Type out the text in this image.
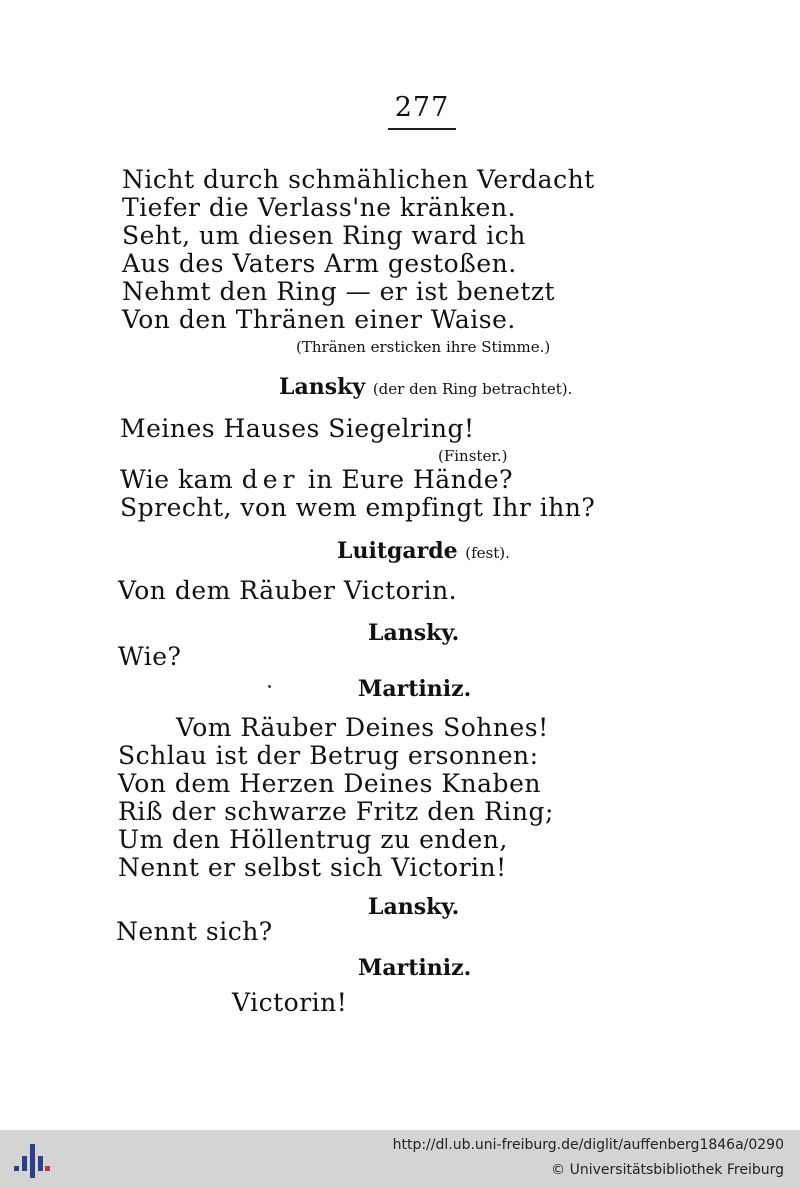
277
Nicht durch schmählichen Verdacht
Tiefer die Verlass'ne kränken.
Seht, um diesen Ring ward ich
Aus des Vaters Arm gestoßen.
Nehmt den Ring — er ist benetzt
Von den Thränen einer Waise.
(Thränen ersticken ihre Stimme.)
Lansky (der den Ring betrachtet).
Meines Hauses Siegelring!
(Finster.)
Wie kam der in Eure Hände?
Sprecht, von wem empfingt Ihr ihn?
Luitgarde (fest).
Von dem Räuber Victorin.
Lansky.
Wie?
Martiniz.
Vom Räuber Deines Sohnes!
Schlau ist der Betrug ersonnen:
Von dem Herzen Deines Knaben
Riß der schwarze Fritz den Ring;
Um den Höllentrug zu enden,
Nennt er selbst sich Victorin!
Lansky.
Nennt sich?
Martiniz.
Victorin!
http://dl.ub.uni-freiburg.de/diglit/auffenberg1846a/0290
© Universitätsbibliothek Freiburg
